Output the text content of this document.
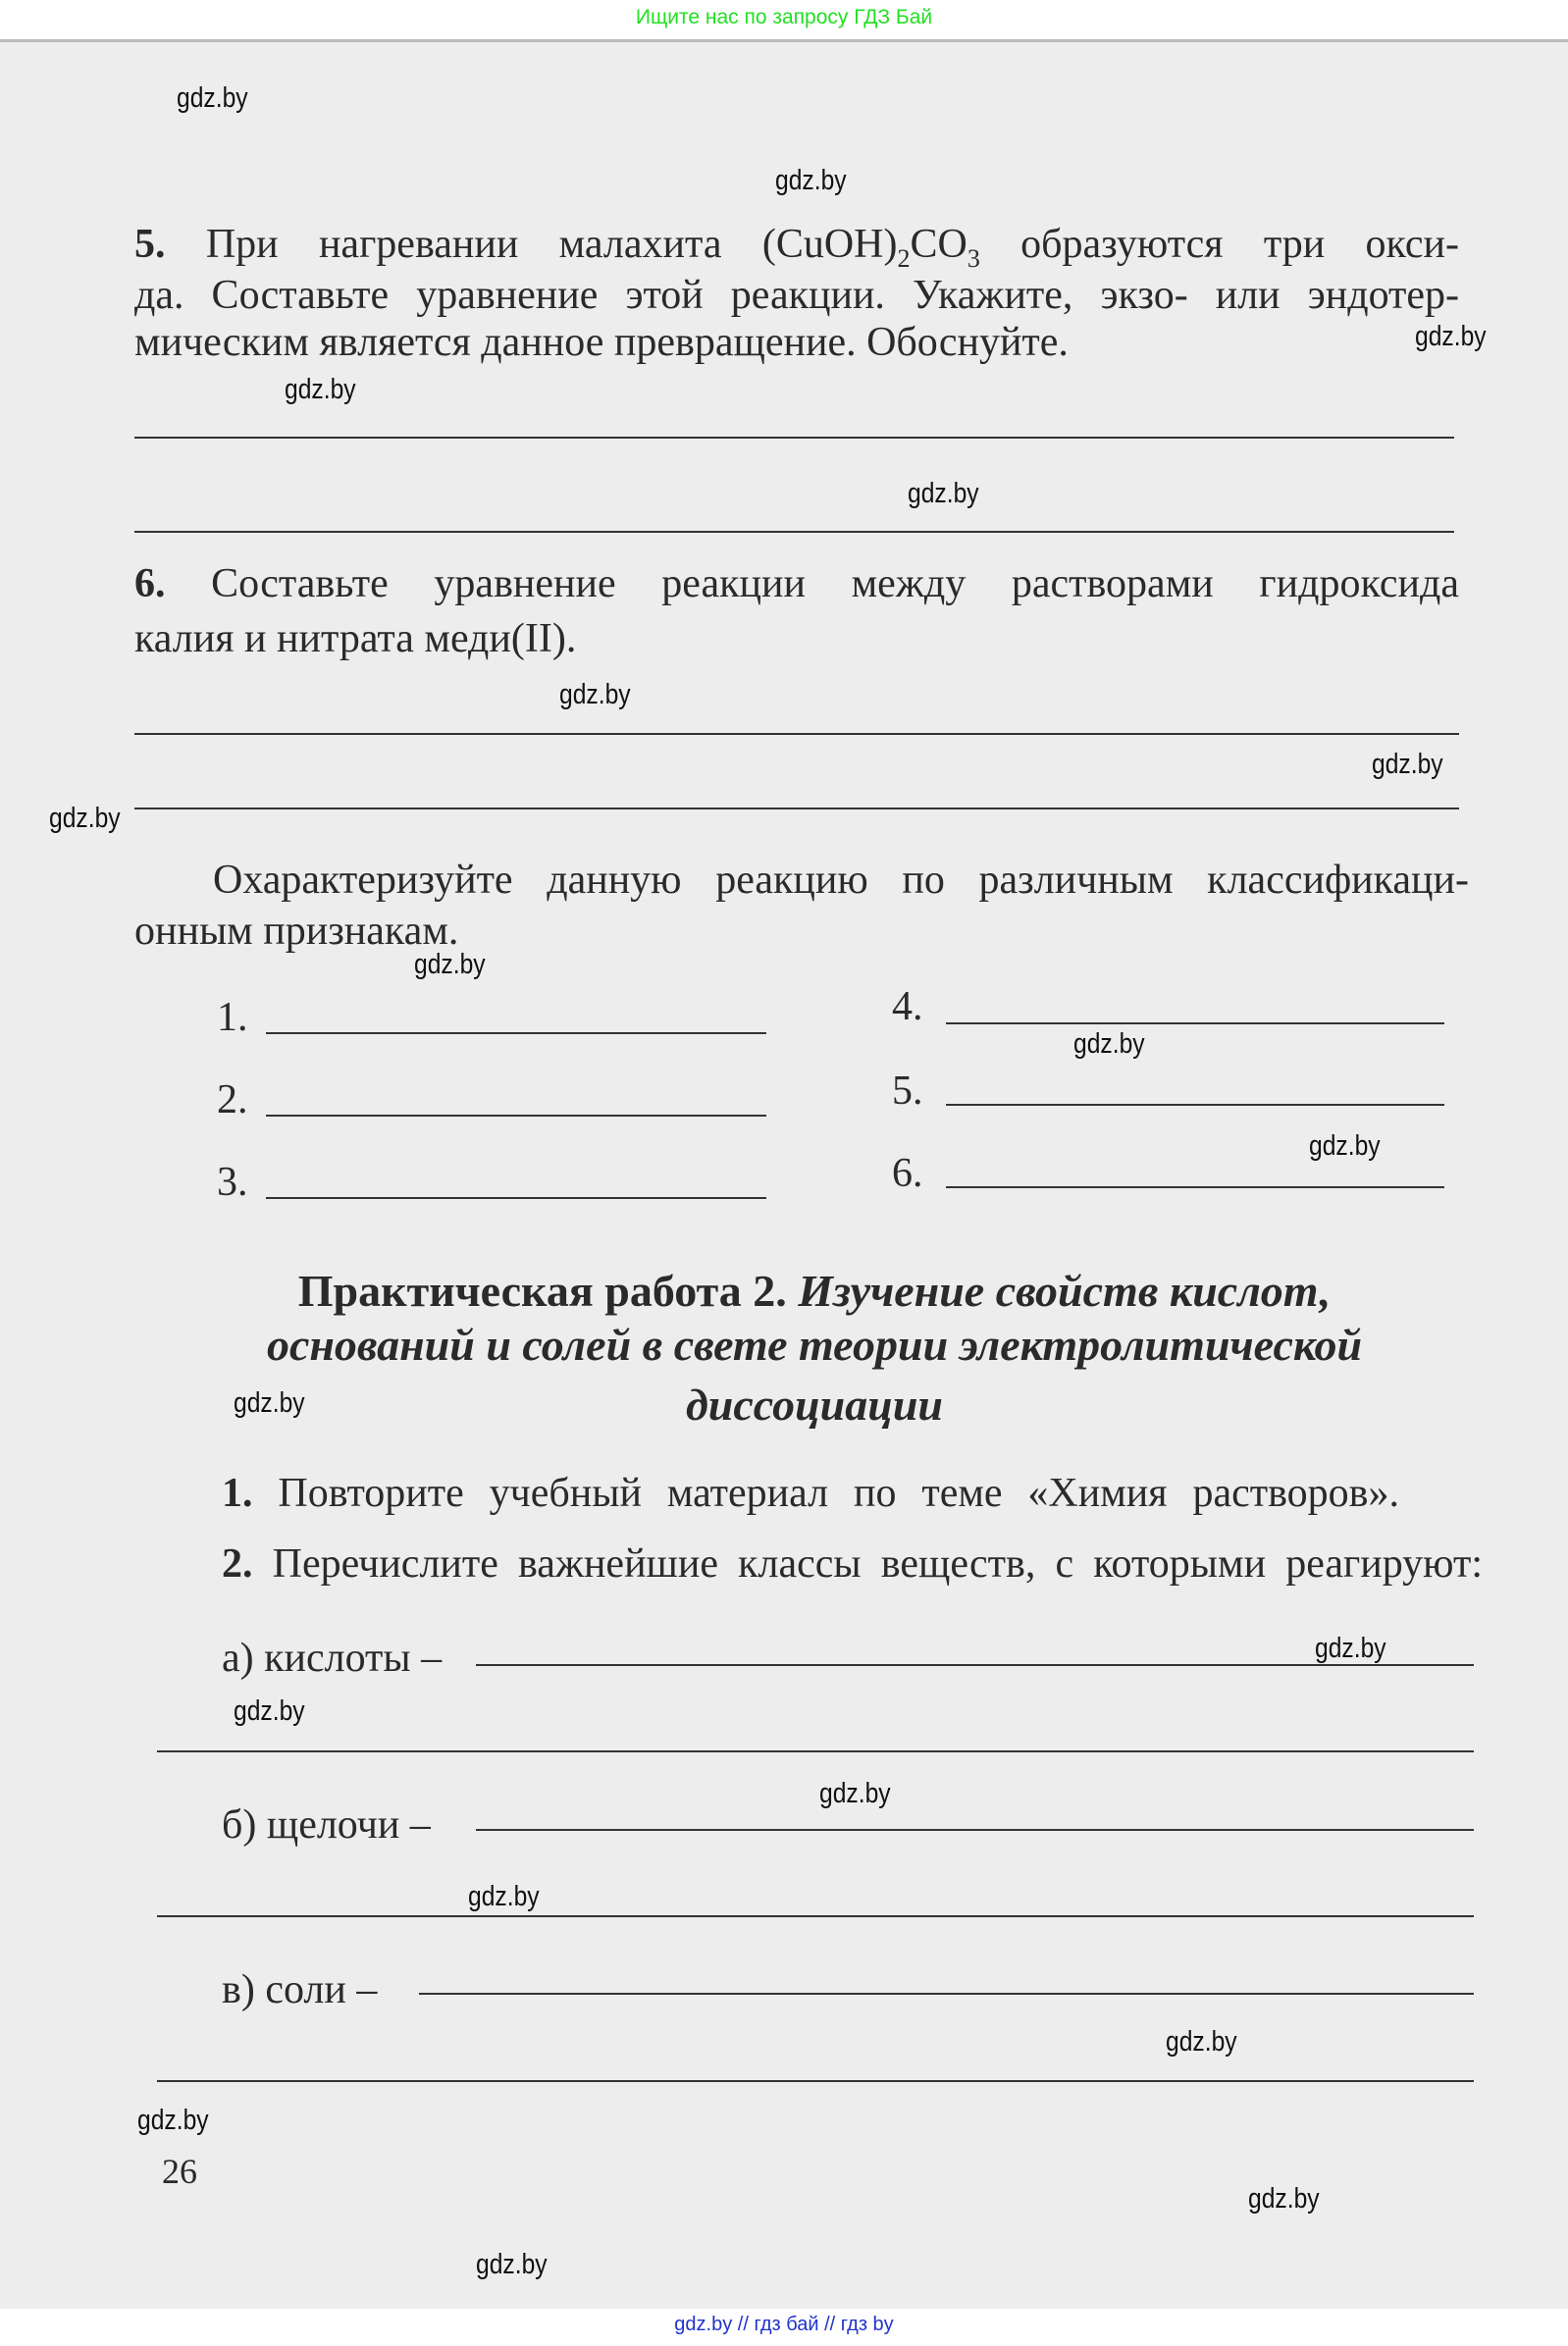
Ищите нас по запросу ГДЗ Бай
5. При нагревании малахита $(CuOH)_2CO_3$ образуются три окси-
да. Составьте уравнение этой реакции. Укажите, экзо- или эндотер-
мическим является данное превращение. Обоснуйте.
6. Составьте уравнение реакции между растворами гидроксида
калия и нитрата меди(II).
Охарактеризуйте данную реакцию по различным классификаци-
онным признакам.
1.
2.
3.
4.
5.
6.
Практическая работа 2. Изучение свойств кислот,
оснований и солей в свете теории электролитической
диссоциации
1. Повторите учебный материал по теме «Химия растворов».
2. Перечислите важнейшие классы веществ, с которыми реагируют:
а) кислоты –
б) щелочи –
в) соли –
26
gdz.by
gdz.by
gdz.by
gdz.by
gdz.by
gdz.by
gdz.by
gdz.by
gdz.by
gdz.by
gdz.by
gdz.by
gdz.by
gdz.by
gdz.by
gdz.by
gdz.by
gdz.by
gdz.by
gdz.by
gdz.by // гдз бай // гдз by
